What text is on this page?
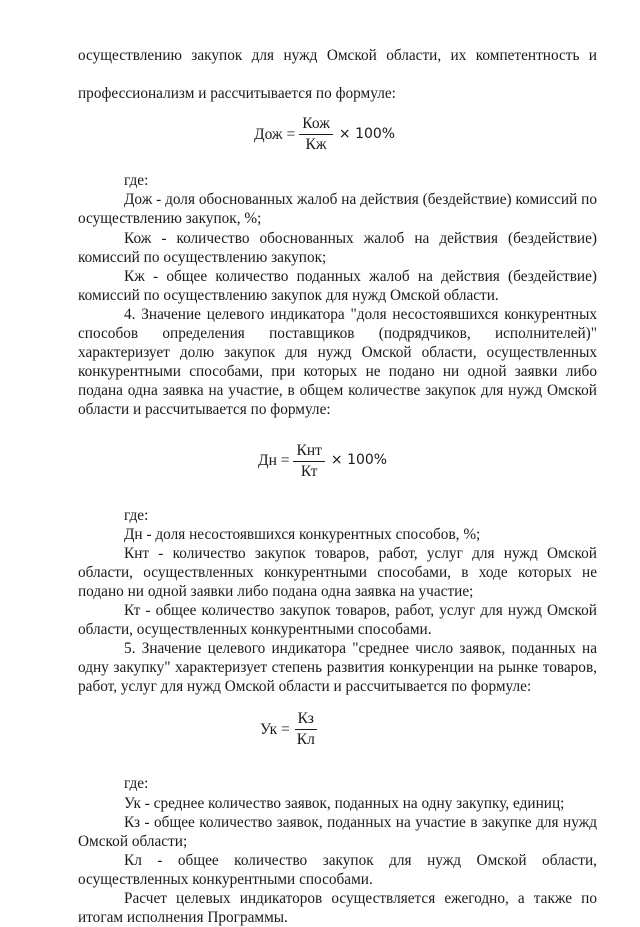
осуществлению закупок для нужд Омской области, их компетентность и

профессионализм и рассчитывается по формуле:

Дож = $\frac{\text{Кож}}{Кж} \times 100\%$

где:

Дож - доля обоснованных жалоб на действия (бездействие) комиссий по осуществлению закупок, %;

Кож - количество обоснованных жалоб на действия (бездействие) комиссий по осуществлению закупок;

Кж - общее количество поданных жалоб на действия (бездействие) комиссий по осуществлению закупок для нужд Омской области.

4. Значение целевого индикатора "доля несостоявшихся конкурентных способов определения поставщиков (подрядчиков, исполнителей)" характеризует долю закупок для нужд Омской области, осуществленных конкурентными способами, при которых не подано ни одной заявки либо подана одна заявка на участие, в общем количестве закупок для нужд Омской области и рассчитывается по формуле:

Дн = $\frac{\text{Кнт}}{Кт} \times 100\%$

где:

Дн - доля несостоявшихся конкурентных способов, %;

Кнт - количество закупок товаров, работ, услуг для нужд Омской области, осуществленных конкурентными способами, в ходе которых не подано ни одной заявки либо подана одна заявка на участие;

Кт - общее количество закупок товаров, работ, услуг для нужд Омской области, осуществленных конкурентными способами.

5. Значение целевого индикатора "среднее число заявок, поданных на одну закупку" характеризует степень развития конкуренции на рынке товаров, работ, услуг для нужд Омской области и рассчитывается по формуле:

Ук = $\frac{Кз}{Кл}$

где:

Ук - среднее количество заявок, поданных на одну закупку, единиц;

Кз - общее количество заявок, поданных на участие в закупке для нужд Омской области;

Кл - общее количество закупок для нужд Омской области, осуществленных конкурентными способами.

Расчет целевых индикаторов осуществляется ежегодно, а также по итогам исполнения Программы.
